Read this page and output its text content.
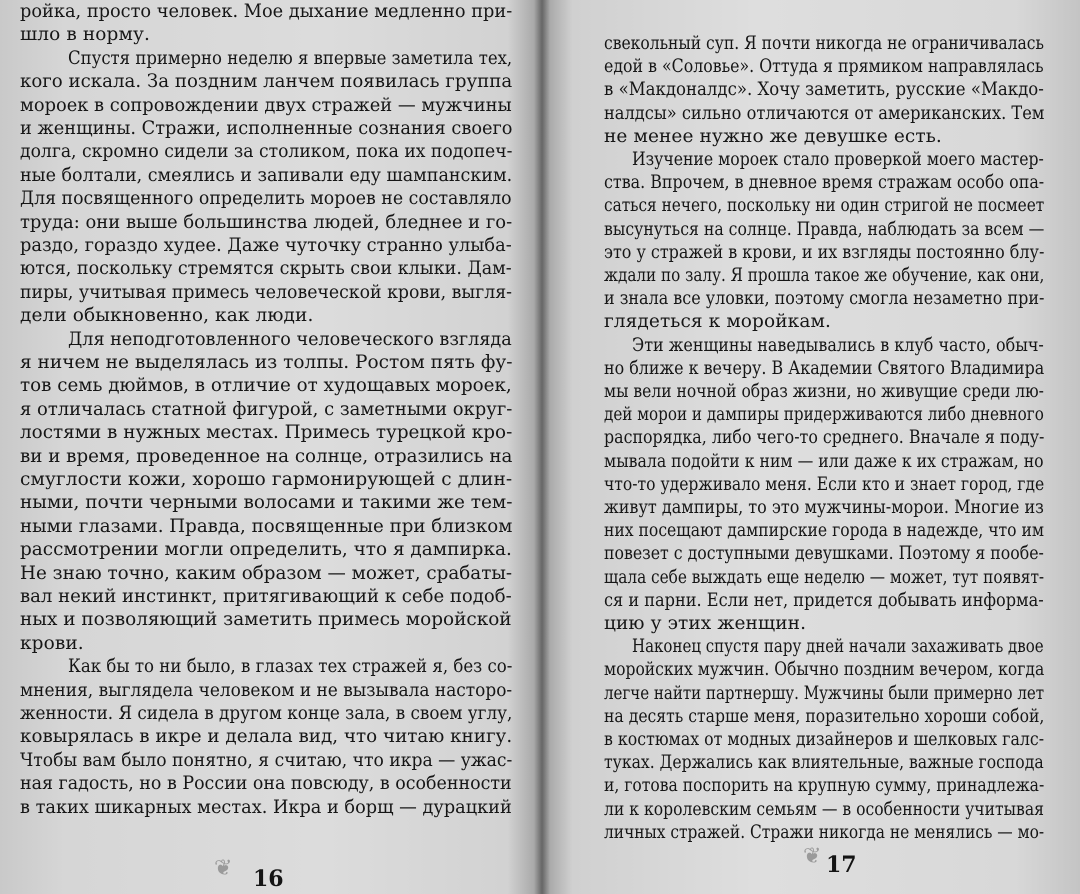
ройка, просто человек. Мое дыхание медленно при-
шло в норму.
Спустя примерно неделю я впервые заметила тех,
кого искала. За поздним ланчем появилась группа
мороек в сопровождении двух стражей — мужчины
и женщины. Стражи, исполненные сознания своего
долга, скромно сидели за столиком, пока их подопеч-
ные болтали, смеялись и запивали еду шампанским.
Для посвященного определить мороев не составляло
труда: они выше большинства людей, бледнее и го-
раздо, гораздо худее. Даже чуточку странно улыба-
ются, поскольку стремятся скрыть свои клыки. Дам-
пиры, учитывая примесь человеческой крови, выгля-
дели обыкновенно, как люди.
Для неподготовленного человеческого взгляда
я ничем не выделялась из толпы. Ростом пять фу-
тов семь дюймов, в отличие от худощавых мороек,
я отличалась статной фигурой, с заметными округ-
лостями в нужных местах. Примесь турецкой кро-
ви и время, проведенное на солнце, отразились на
смуглости кожи, хорошо гармонирующей с длин-
ными, почти черными волосами и такими же тем-
ными глазами. Правда, посвященные при близком
рассмотрении могли определить, что я дампирка.
Не знаю точно, каким образом — может, срабаты-
вал некий инстинкт, притягивающий к себе подоб-
ных и позволяющий заметить примесь моройской
крови.
Как бы то ни было, в глазах тех стражей я, без со-
мнения, выглядела человеком и не вызывала насторо-
женности. Я сидела в другом конце зала, в своем углу,
ковырялась в икре и делала вид, что читаю книгу.
Чтобы вам было понятно, я считаю, что икра — ужас-
ная гадость, но в России она повсюду, в особенности
в таких шикарных местах. Икра и борщ — дурацкий
свекольный суп. Я почти никогда не ограничивалась
едой в «Соловье». Оттуда я прямиком направлялась
в «Макдоналдс». Хочу заметить, русские «Макдо-
налдсы» сильно отличаются от американских. Тем
не менее нужно же девушке есть.
Изучение мороек стало проверкой моего мастер-
ства. Впрочем, в дневное время стражам особо опа-
саться нечего, поскольку ни один стригой не посмеет
высунуться на солнце. Правда, наблюдать за всем —
это у стражей в крови, и их взгляды постоянно блу-
ждали по залу. Я прошла такое же обучение, как они,
и знала все уловки, поэтому смогла незаметно при-
глядеться к моройкам.
Эти женщины наведывались в клуб часто, обыч-
но ближе к вечеру. В Академии Святого Владимира
мы вели ночной образ жизни, но живущие среди лю-
дей морои и дампиры придерживаются либо дневного
распорядка, либо чего-то среднего. Вначале я поду-
мывала подойти к ним — или даже к их стражам, но
что-то удерживало меня. Если кто и знает город, где
живут дампиры, то это мужчины-морои. Многие из
них посещают дампирские города в надежде, что им
повезет с доступными девушками. Поэтому я пообе-
щала себе выждать еще неделю — может, тут появят-
ся и парни. Если нет, придется добывать информа-
цию у этих женщин.
Наконец спустя пару дней начали захаживать двое
моройских мужчин. Обычно поздним вечером, когда
легче найти партнершу. Мужчины были примерно лет
на десять старше меня, поразительно хороши собой,
в костюмах от модных дизайнеров и шелковых галс-
туках. Держались как влиятельные, важные господа
и, готова поспорить на крупную сумму, принадлежа-
ли к королевским семьям — в особенности учитывая
личных стражей. Стражи никогда не менялись — мо-
❦ 16
❦ 17
